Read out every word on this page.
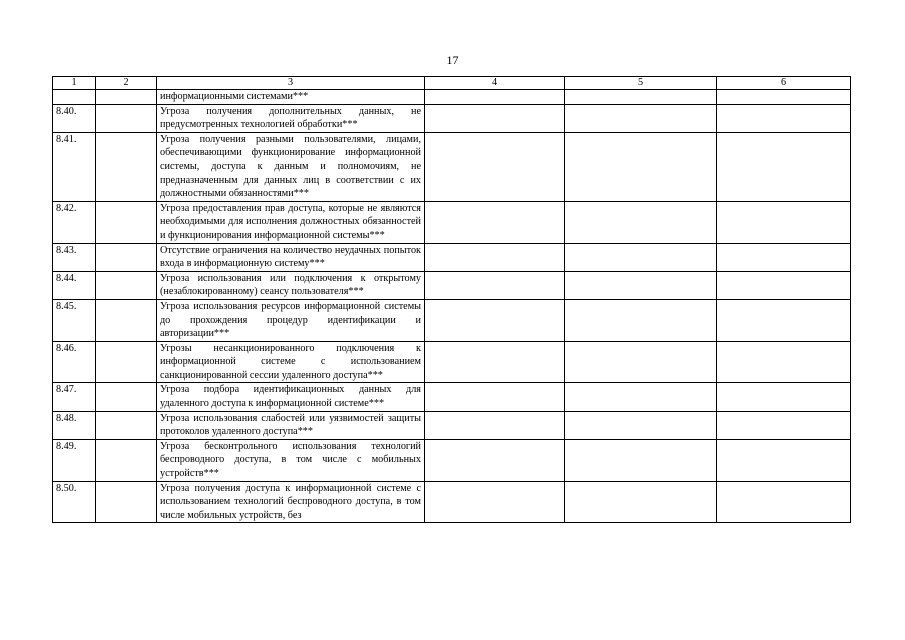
17
1	2	3	4	5	6
		информационными системами***			
8.40.		Угроза получения дополнительных данных, не предусмотренных технологией обработки***			
8.41.		Угроза получения разными пользователями, лицами, обеспечивающими функционирование информационной системы, доступа к данным и полномочиям, не предназначенным для данных лиц в соответствии с их должностными обязанностями***			
8.42.		Угроза предоставления прав доступа, которые не являются необходимыми для исполнения должностных обязанностей и функционирования информационной системы***			
8.43.		Отсутствие ограничения на количество неудачных попыток входа в информационную систему***			
8.44.		Угроза использования или подключения к открытому (незаблокированному) сеансу пользователя***			
8.45.		Угроза использования ресурсов информационной системы до прохождения процедур идентификации и авторизации***			
8.46.		Угрозы несанкционированного подключения к информационной системе с использованием санкционированной сессии удаленного доступа***			
8.47.		Угроза подбора идентификационных данных для удаленного доступа к информационной системе***			
8.48.		Угроза использования слабостей или уязвимостей защиты протоколов удаленного доступа***			
8.49.		Угроза бесконтрольного использования технологий беспроводного доступа, в том числе с мобильных устройств***			
8.50.		Угроза получения доступа к информационной системе с использованием технологий беспроводного доступа, в том числе мобильных устройств, без			
